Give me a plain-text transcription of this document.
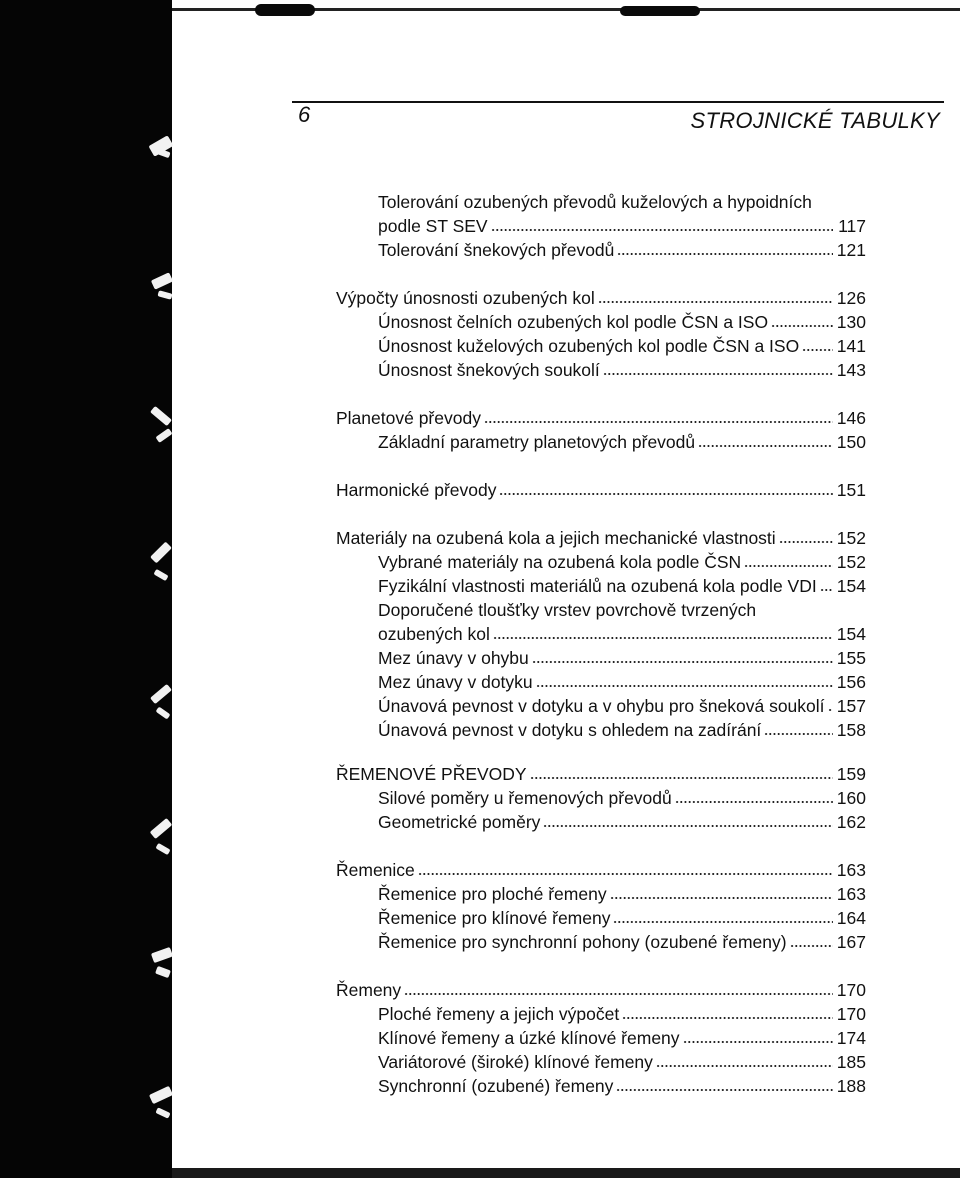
6	STROJNICKÉ TABULKY
Tolerování ozubených převodů kuželových a hypoidních
podle ST SEV	117
Tolerování šnekových převodů	121
Výpočty únosnosti ozubených kol	126
Únosnost čelních ozubených kol podle ČSN a ISO	130
Únosnost kuželových ozubených kol podle ČSN a ISO 141
Únosnost šnekových soukolí	143
Planetové převody	146
Základní parametry planetových převodů	150
Harmonické převody	151
Materiály na ozubená kola a jejich mechanické vlastnosti	152
Vybrané materiály na ozubená kola podle ČSN	152
Fyzikální vlastnosti materiálů na ozubená kola podle VDI 154
Doporučené tloušťky vrstev povrchově tvrzených
ozubených kol	154
Mez únavy v ohybu	155
Mez únavy v dotyku	156
Únavová pevnost v dotyku a v ohybu pro šneková soukolí 157
Únavová pevnost v dotyku s ohledem na zadírání	158
ŘEMENOVÉ PŘEVODY	159
Silové poměry u řemenových převodů	160
Geometrické poměry	162
Řemenice	163
Řemenice pro ploché řemeny	163
Řemenice pro klínové řemeny	164
Řemenice pro synchronní pohony (ozubené řemeny)	167
Řemeny	170
Ploché řemeny a jejich výpočet	170
Klínové řemeny a úzké klínové řemeny	174
Variátorové (široké) klínové řemeny	185
Synchronní (ozubené) řemeny	188
